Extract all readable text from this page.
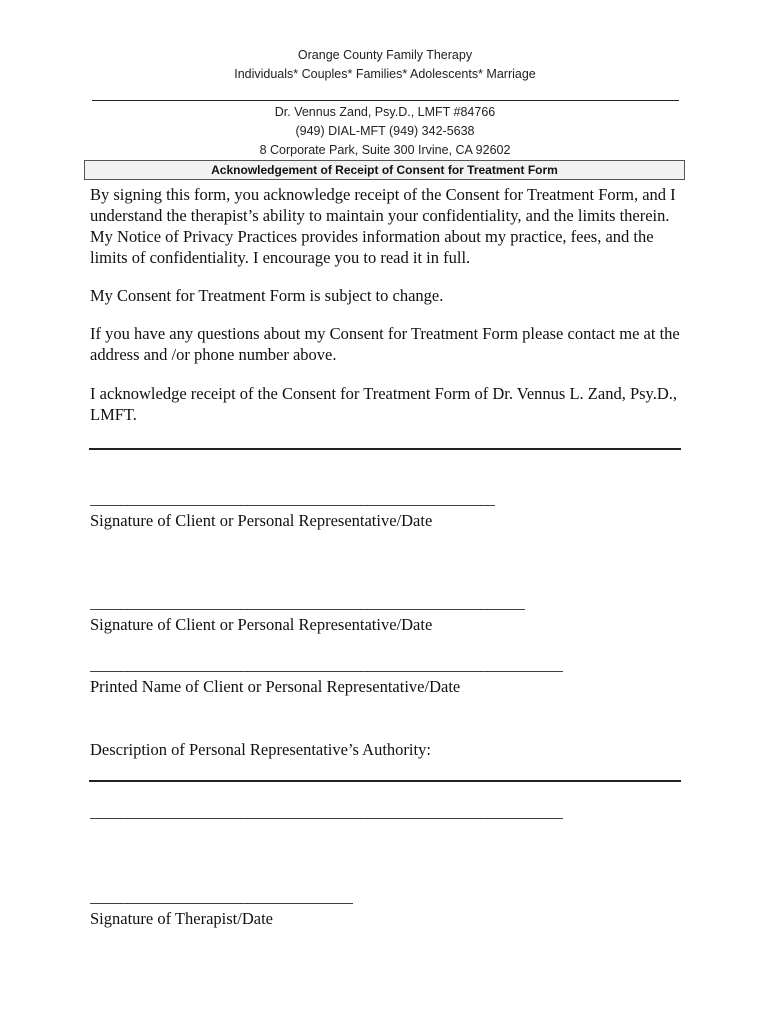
Orange County Family Therapy
Individuals* Couples* Families* Adolescents* Marriage
Dr. Vennus Zand, Psy.D., LMFT #84766
(949) DIAL-MFT (949) 342-5638
8 Corporate Park, Suite 300 Irvine, CA 92602
Acknowledgement of Receipt of Consent for Treatment Form

By signing this form, you acknowledge receipt of the Consent for Treatment Form, and I understand the therapist’s ability to maintain your confidentiality, and the limits therein. My Notice of Privacy Practices provides information about my practice, fees, and the limits of confidentiality. I encourage you to read it in full.

My Consent for Treatment Form is subject to change.

If you have any questions about my Consent for Treatment Form please contact me at the address and /or phone number above.

I acknowledge receipt of the Consent for Treatment Form of Dr. Vennus L. Zand, Psy.D., LMFT.

______________________________________________________
Signature of Client or Personal Representative/Date
__________________________________________________________
Signature of Client or Personal Representative/Date
_______________________________________________________________
Printed Name of Client or Personal Representative/Date
Description of Personal Representative’s Authority:
_______________________________________________________________
___________________________________
Signature of Therapist/Date
